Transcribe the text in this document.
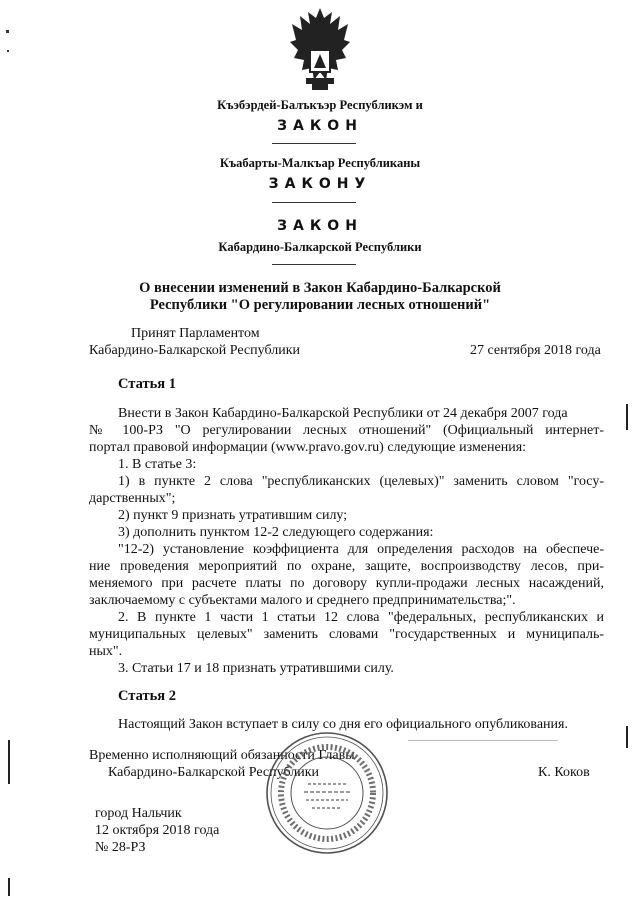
Къэбэрдей-Балъкъэр Республикэм и
ЗАКОН
Къабарты-Малкъар Республиканы
ЗАКОНУ
ЗАКОН
Кабардино-Балкарской Республики
О внесении изменений в Закон Кабардино-Балкарской
Республики "О регулировании лесных отношений"
Принят Парламентом
Кабардино-Балкарской Республики	27 сентября 2018 года
Статья 1
Внести в Закон Кабардино-Балкарской Республики от 24 декабря 2007 года
№ 100-РЗ "О регулировании лесных отношений" (Официальный интернет-
портал правовой информации (www.pravo.gov.ru) следующие изменения:
1. В статье 3:
1) в пункте 2 слова "республиканских (целевых)" заменить словом "госу-
дарственных";
2) пункт 9 признать утратившим силу;
3) дополнить пунктом 12-2 следующего содержания:
"12-2) установление коэффициента для определения расходов на обеспече-
ние проведения мероприятий по охране, защите, воспроизводству лесов, при-
меняемого при расчете платы по договору купли-продажи лесных насаждений,
заключаемому с субъектами малого и среднего предпринимательства;".
2. В пункте 1 части 1 статьи 12 слова "федеральных, республиканских и
муниципальных целевых" заменить словами "государственных и муниципаль-
ных".
3. Статьи 17 и 18 признать утратившими силу.
Статья 2
Настоящий Закон вступает в силу со дня его официального опубликования.
Временно исполняющий обязанности Главы
Кабардино-Балкарской Республики	К. Коков
город Нальчик
12 октября 2018 года
№ 28-РЗ
